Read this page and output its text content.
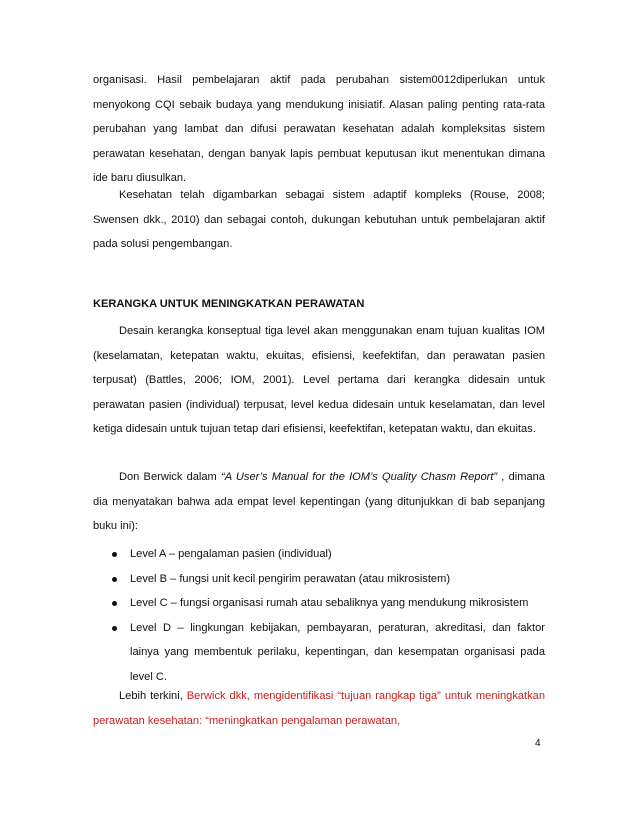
organisasi. Hasil pembelajaran aktif pada perubahan sistem0012diperlukan untuk menyokong CQI sebaik budaya yang mendukung inisiatif. Alasan paling penting rata-rata perubahan yang lambat dan difusi perawatan kesehatan adalah kompleksitas sistem perawatan kesehatan, dengan banyak lapis pembuat keputusan ikut menentukan dimana ide baru diusulkan.

Kesehatan telah digambarkan sebagai sistem adaptif kompleks (Rouse, 2008; Swensen dkk., 2010) dan sebagai contoh, dukungan kebutuhan untuk pembelajaran aktif pada solusi pengembangan.

KERANGKA UNTUK MENINGKATKAN PERAWATAN

Desain kerangka konseptual tiga level akan menggunakan enam tujuan kualitas IOM (keselamatan, ketepatan waktu, ekuitas, efisiensi, keefektifan, dan perawatan pasien terpusat) (Battles, 2006; IOM, 2001). Level pertama dari kerangka didesain untuk perawatan pasien (individual) terpusat, level kedua didesain untuk keselamatan, dan level ketiga didesain untuk tujuan tetap dari efisiensi, keefektifan, ketepatan waktu, dan ekuitas.

Don Berwick dalam “A User’s Manual for the IOM’s Quality Chasm Report” , dimana dia menyatakan bahwa ada empat level kepentingan (yang ditunjukkan di bab sepanjang buku ini):

Level A – pengalaman pasien (individual)
Level B – fungsi unit kecil pengirim perawatan (atau mikrosistem)
Level C – fungsi organisasi rumah atau sebaliknya yang mendukung mikrosistem
Level D – lingkungan kebijakan, pembayaran, peraturan, akreditasi, dan faktor lainya yang membentuk perilaku, kepentingan, dan kesempatan organisasi pada level C.

Lebih terkini, Berwick dkk, mengidentifikasi “tujuan rangkap tiga” untuk meningkatkan perawatan kesehatan: “meningkatkan pengalaman perawatan,

4
